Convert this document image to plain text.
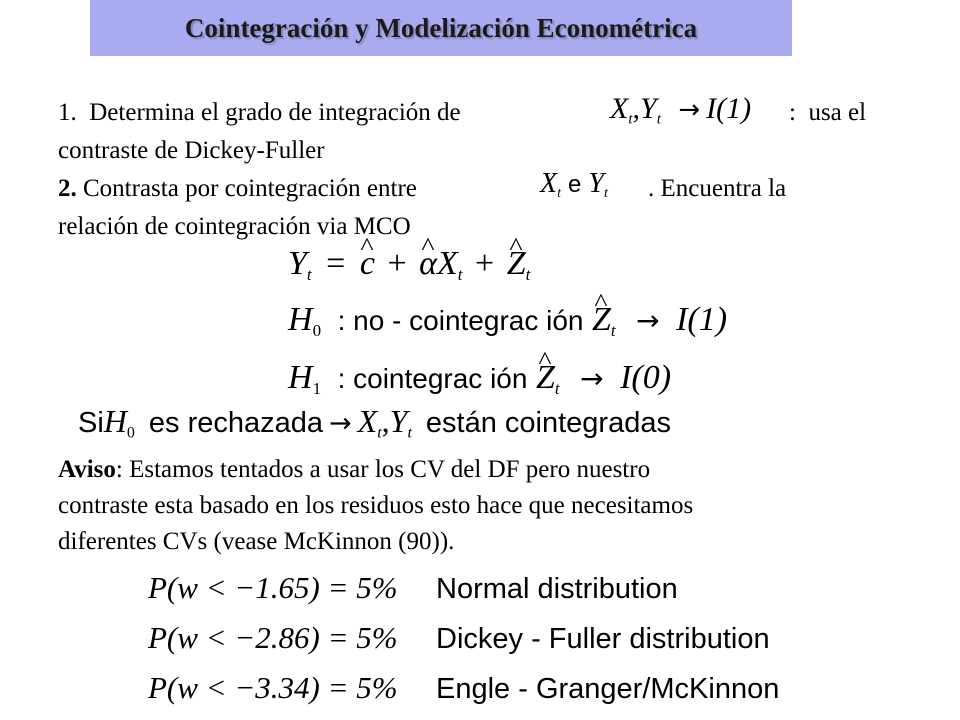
Cointegración y Modelización Econométrica
1. Determina el grado de integración de	$X_t,Y_t \to I(1)$ : usa el
contraste de Dickey-Fuller
2. Contrasta por cointegración entre	$X_t$ e $Y_t$ . Encuentra la
relación de cointegración via MCO
$Y_t$ = ^ c + ^ $\alpha X_t$ + ^ $Z_t$
$H_0$ : no - cointegrac ión ^ $Z_t \to I(1)$
$H_1$ : cointegrac ión ^ $Z_t \to I(0)$
SiH$_0$ es rechazada → $X_t,Y_t$ están cointegradas
Aviso: Estamos tentados a usar los CV del DF pero nuestro
contraste esta basado en los residuos esto hace que necesitamos
diferentes CVs (vease McKinnon (90)).
P(w < −1.65) = 5% Normal distribution
P(w < −2.86) = 5% Dickey - Fuller distribution
P(w < −3.34) = 5% Engle - Granger/McKinnon
